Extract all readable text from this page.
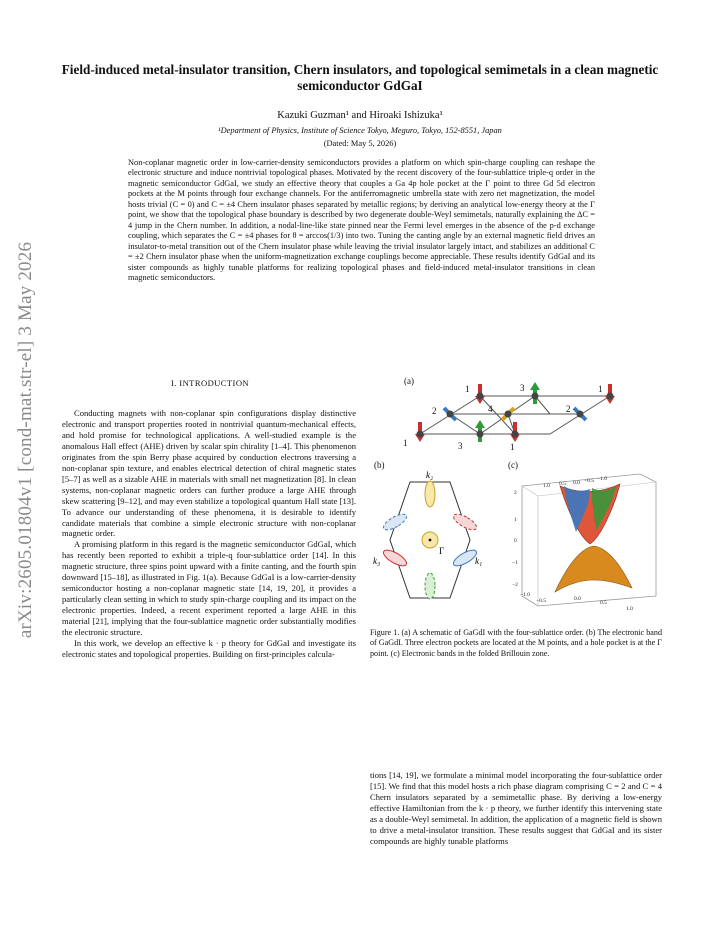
arXiv:2605.01804v1 [cond-mat.str-el] 3 May 2026
Field-induced metal-insulator transition, Chern insulators, and topological semimetals in a clean magnetic semiconductor GdGaI
Kazuki Guzman¹ and Hiroaki Ishizuka¹
¹Department of Physics, Institute of Science Tokyo, Meguro, Tokyo, 152-8551, Japan
(Dated: May 5, 2026)
Non-coplanar magnetic order in low-carrier-density semiconductors provides a platform on which spin-charge coupling can reshape the electronic structure and induce nontrivial topological phases. Motivated by the recent discovery of the four-sublattice triple-q order in the magnetic semiconductor GdGaI, we study an effective theory that couples a Ga 4p hole pocket at the Γ point to three Gd 5d electron pockets at the M points through four exchange channels. For the antiferromagnetic umbrella state with zero net magnetization, the model hosts trivial (C = 0) and C = ±4 Chern insulator phases separated by metallic regions; by deriving an analytical low-energy theory at the Γ point, we show that the topological phase boundary is described by two degenerate double-Weyl semimetals, naturally explaining the ΔC = 4 jump in the Chern number. In addition, a nodal-line-like state pinned near the Fermi level emerges in the absence of the p-d exchange coupling, which separates the C = ±4 phases for θ = arccos(1/3) into two. Tuning the canting angle by an external magnetic field drives an insulator-to-metal transition out of the Chern insulator phase while leaving the trivial insulator largely intact, and stabilizes an additional C = ±2 Chern insulator phase when the uniform-magnetization exchange couplings become appreciable. These results identify GdGaI and its sister compounds as highly tunable platforms for realizing topological phases and field-induced metal-insulator transitions in clean magnetic semiconductors.
I. INTRODUCTION

Conducting magnets with non-coplanar spin configurations display distinctive electronic and transport properties rooted in nontrivial quantum-mechanical effects, and hold promise for technological applications. A well-studied example is the anomalous Hall effect (AHE) driven by scalar spin chirality [1–4]. This phenomenon originates from the spin Berry phase acquired by conduction electrons traversing a non-coplanar spin texture, and enables electrical detection of chiral magnetic states [5–7] as well as a sizable AHE in materials with small net magnetization [8]. In clean systems, non-coplanar magnetic orders can further produce a large AHE through skew scattering [9–12], and may even stabilize a topological quantum Hall state [13]. To advance our understanding of these phenomena, it is desirable to identify candidate materials that combine a simple electronic structure with non-coplanar magnetic order.

A promising platform in this regard is the magnetic semiconductor GdGaI, which has recently been reported to exhibit a triple-q four-sublattice order [14]. In this magnetic structure, three spins point upward with a finite canting, and the fourth spin downward [15–18], as illustrated in Fig. 1(a). Because GdGaI is a low-carrier-density semiconductor hosting a non-coplanar magnetic state [14, 19, 20], it provides a particularly clean setting in which to study spin-charge coupling and its impact on the electronic properties. Indeed, a recent experiment reported a large AHE in this material [21], implying that the four-sublattice magnetic order substantially modifies the electronic structure.

In this work, we develop an effective k · p theory for GdGaI and investigate its electronic states and topological properties. Building on first-principles calcula-

(a)
(b)	(c)
1	3	1
2	4	2
1	3	1
Γ
k₂
k₃	k₁
1.0 0.5 0.0 −0.5 −1.0
2
1
0
−1
−2
−1.0
−0.5	0.0
0.5
1.0
Figure 1. (a) A schematic of GaGdI with the four-sublattice order. (b) The electronic band of GaGdI. Three electron pockets are located at the M points, and a hole pocket is at the Γ point. (c) Electronic bands in the folded Brillouin zone.

tions [14, 19], we formulate a minimal model incorporating the four-sublattice order [15]. We find that this model hosts a rich phase diagram comprising C = 2 and C = 4 Chern insulators separated by a semimetallic phase. By deriving a low-energy effective Hamiltonian from the k · p theory, we further identify this intervening state as a double-Weyl semimetal. In addition, the application of a magnetic field is shown to drive a metal-insulator transition. These results suggest that GdGaI and its sister compounds are highly tunable platforms
